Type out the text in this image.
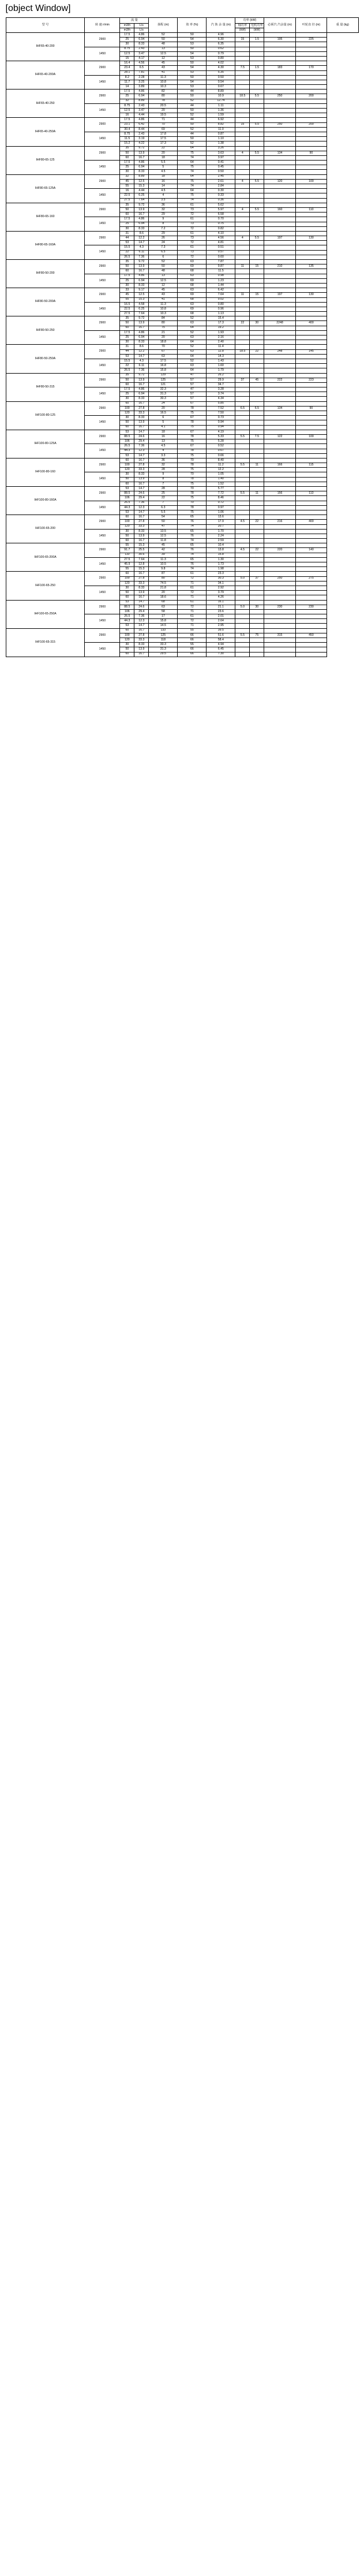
[object Window]
型 号	转 速 r/min	流 量		扬程 (m)	效 率 (%)	汽 蚀 余 量 (m)	功率 (kW)		必须汽 汽余量 (m)	叶轮直 径 (m)	重 量 (kg)
		m3/h	L/s				轴功率	电机功率			
		m3/h	L/s				(kW)	(kW)			
IHF65-40-200	2900	17.5	4.86	52	50	4.96					
		25	6.94	50	54	6.30	15	1.5	195	225	
		30	8.33	48	53	6.35					
	1450	8.75	2.43	13	50	0.62					
		12.5	3.47	12.5	54	0.79					
		15	4.17	12	53	0.80					
IHF65-40-200A	2900	16.4	4.56	45	50	4.02					
		23.4	6.5	43	54	4.30	7.5	1.5	183	170	
		28.1	7.81	41	53	5.35					
	1450	8.2	2.28	11.3	50	0.50					
		11.7	3.25	10.8	54	0.54					
		14	3.89	10.3	53	0.67					
IHF65-40-250	2900	17.5	4.86	82	44	8.89					
		25	6.94	80	50	10.9	18.5	5.5	250	200	
		32	8.89	78	52	12.74					
	1450	8.75	2.43	20.5	44	1.11					
		12.5	3.47	20	50	1.36					
		16	4.44	19.5	52	1.59					
IHF65-40-250A	2900	17.5	4.86	71	44	6.92					
		23.1	6.42	70	50	8.82	15	5.5	250	200	
		30.4	8.44	69	52	11.0					
	1450	8.75	2.43	17.8	44	0.87					
		11.5	3.19	17.5	50	1.10					
		15.2	4.22	17.3	52	1.38					
IHF80-65-125	2900	35	9.72	22	64	3.26					
		50	13.9	20	75	3.63	4	5.5	134	90	
		60	16.7	18	74	3.97					
	1450	17.5	4.86	5.5	64	0.41					
		25	6.94	5	75	0.45					
		30	8.33	4.5	74	0.50					
IHF80-65-125A	2900	32	8.89	18	64	2.45					
		45	12.5	16	75	2.61	4	5.5	120	100	
		55	15.3	14	74	2.84					
	1450	16	4.44	4.5	64	0.30					
		22.5	6.25	4	75	0.33					
		27.5	7.64	3.5	74	0.36					
IHF80-65-160	2900	35	9.72	36	61	5.62					
		50	13.9	32	73	5.97	4	5.5	160	110	
		60	16.7	29	72	6.58					
	1450	17.5	4.86	9	61	0.70					
		25	6.94	8	73	0.75					
		30	8.33	7.2	72	0.82					
IHF80-65-160A	2900	31	8.6	29	61	4.10					
		44	12.2	26	73	4.56	4	5.5	197	130	
		53	14.7	24	72	4.81					
	1450	15.5	4.3	7.3	61	0.51					
		22	6.11	6.5	73	0.57					
		26.5	7.36	6	72	0.60					
IHF80-50-200	2900	35	9.72	52	63	7.87					
		50	13.9	50	69	9.87	11	15	210	135	
		60	16.7	48	68	11.5					
	1450	17.5	4.86	13	63	0.98					
		25	6.94	12.5	69	1.23					
		30	8.33	12	68	1.44					
IHF80-50-200A	2900	33	9.17	45	63	6.42					
		45	12.5	43	69	7.64	11	15	197	130	
		55	15.3	41	68	9.02					
	1450	16.5	4.58	11.3	63	0.80					
		22.5	6.25	10.8	69	0.96					
		27.5	7.64	10.3	68	1.13					
IHF80-50-250	2900	35	9.72	84	52	15.4					
		50	13.9	80	63	17.3	22	30	2248	400	
		60	16.7	75	64	19.2					
	1450	17.5	4.86	21	52	1.93					
		25	6.94	20	63	2.16					
		30	8.33	18.8	64	2.40					
IHF80-50-250A	2900	31	8.6	70	52	11.4					
		44	12.2	67	63	12.8	18.5	22	248	145	
		53	14.7	63	64	14.3					
	1450	15.5	4.3	17.5	52	1.43					
		22	6.11	16.8	63	1.60					
		26.5	7.36	15.8	64	1.79					
IHF80-50-315	2900	35	9.72	129	47	26.2					
		50	13.9	125	57	29.9	37	45	222	223	
		60	16.7	121	57	34.7					
	1450	17.5	4.86	32.3	47	3.28					
		25	6.94	31.3	57	3.74					
		30	8.33	30.3	57	4.34					
IHF100-80-125	2900	60	16.7	24	67	5.85					
		100	27.8	20	78	7.52	6.5	6.5	134	90	
		120	33.3	16.5	75	7.50					
	1450	30	8.33	6	67	0.73					
		50	13.9	5	78	0.94					
		60	16.7	4.1	75	0.94					
IHF100-80-125A	2900	53	14.7	18	67	4.19					
		88.5	24.6	16	78	5.33	5.5	7.5	122	100	
		106	29.4	13	75	5.28					
	1450	26.5	7.36	4.5	67	0.52					
		44.3	12.3	4	78	0.67					
		53	14.7	3.3	75	0.66					
IHF100-80-160	2900	60	16.7	36	70	8.40					
		100	27.8	32	78	11.2	5.5	11	166	115	
		120	33.3	28	75	12.2					
	1450	30	8.33	9	70	1.05					
		50	13.9	8	78	1.40					
		60	16.7	7	75	1.52					
IHF100-80-160A	2900	53	14.7	28	70	5.77					
		88.5	24.6	25	78	7.72	5.5	11	156	113	
		106	29.4	22	75	8.46					
	1450	26.5	7.36	7	70	0.72					
		44.3	12.3	6.3	78	0.97					
		53	14.7	5.5	75	1.06					
IHF100-65-200	2900	60	16.7	54	65	13.6					
		100	27.8	50	76	17.9	4.5	22	216	400	
		120	33.3	47	74	20.7					
	1450	30	8.33	13.5	65	1.70					
		50	13.9	12.5	76	2.24					
		60	16.7	11.8	74	2.59					
IHF100-65-200A	2900	55	15.3	45	65	10.4					
		91.7	25.5	42	76	13.8	4.5	22	220	140	
		110	30.6	39	74	15.8					
	1450	27.5	7.64	11.3	65	1.30					
		45.9	12.8	10.5	76	1.73					
		55	15.3	9.8	74	1.98					
IHF100-65-250	2900	60	16.7	87	61	23.3					
		100	27.8	80	72	30.3	5.0	37	250	275	
		120	33.3	74.5	71	34.1					
	1450	30	8.33	21.8	61	2.92					
		50	13.9	20	72	3.79					
		60	16.7	18.6	71	4.26					
IHF100-65-250A	2900	53	14.7	68	61	16.1					
		88.5	24.6	63	72	21.1	5.0	30	230	230	
		106	29.4	58	71	23.6					
	1450	26.5	7.36	17	61	2.01					
		44.3	12.3	15.8	72	2.64					
		53	14.7	14.5	71	2.95					
IHF100-65-315	2900	60	16.7	133	55	39.5					
		100	27.8	125	66	51.6	5.5	75	315	450	
		120	33.3	118	66	58.4					
	1450	30	8.33	33.3	55	4.94					
		50	13.9	31.3	66	6.45					
		60	16.7	29.5	66	7.30					
